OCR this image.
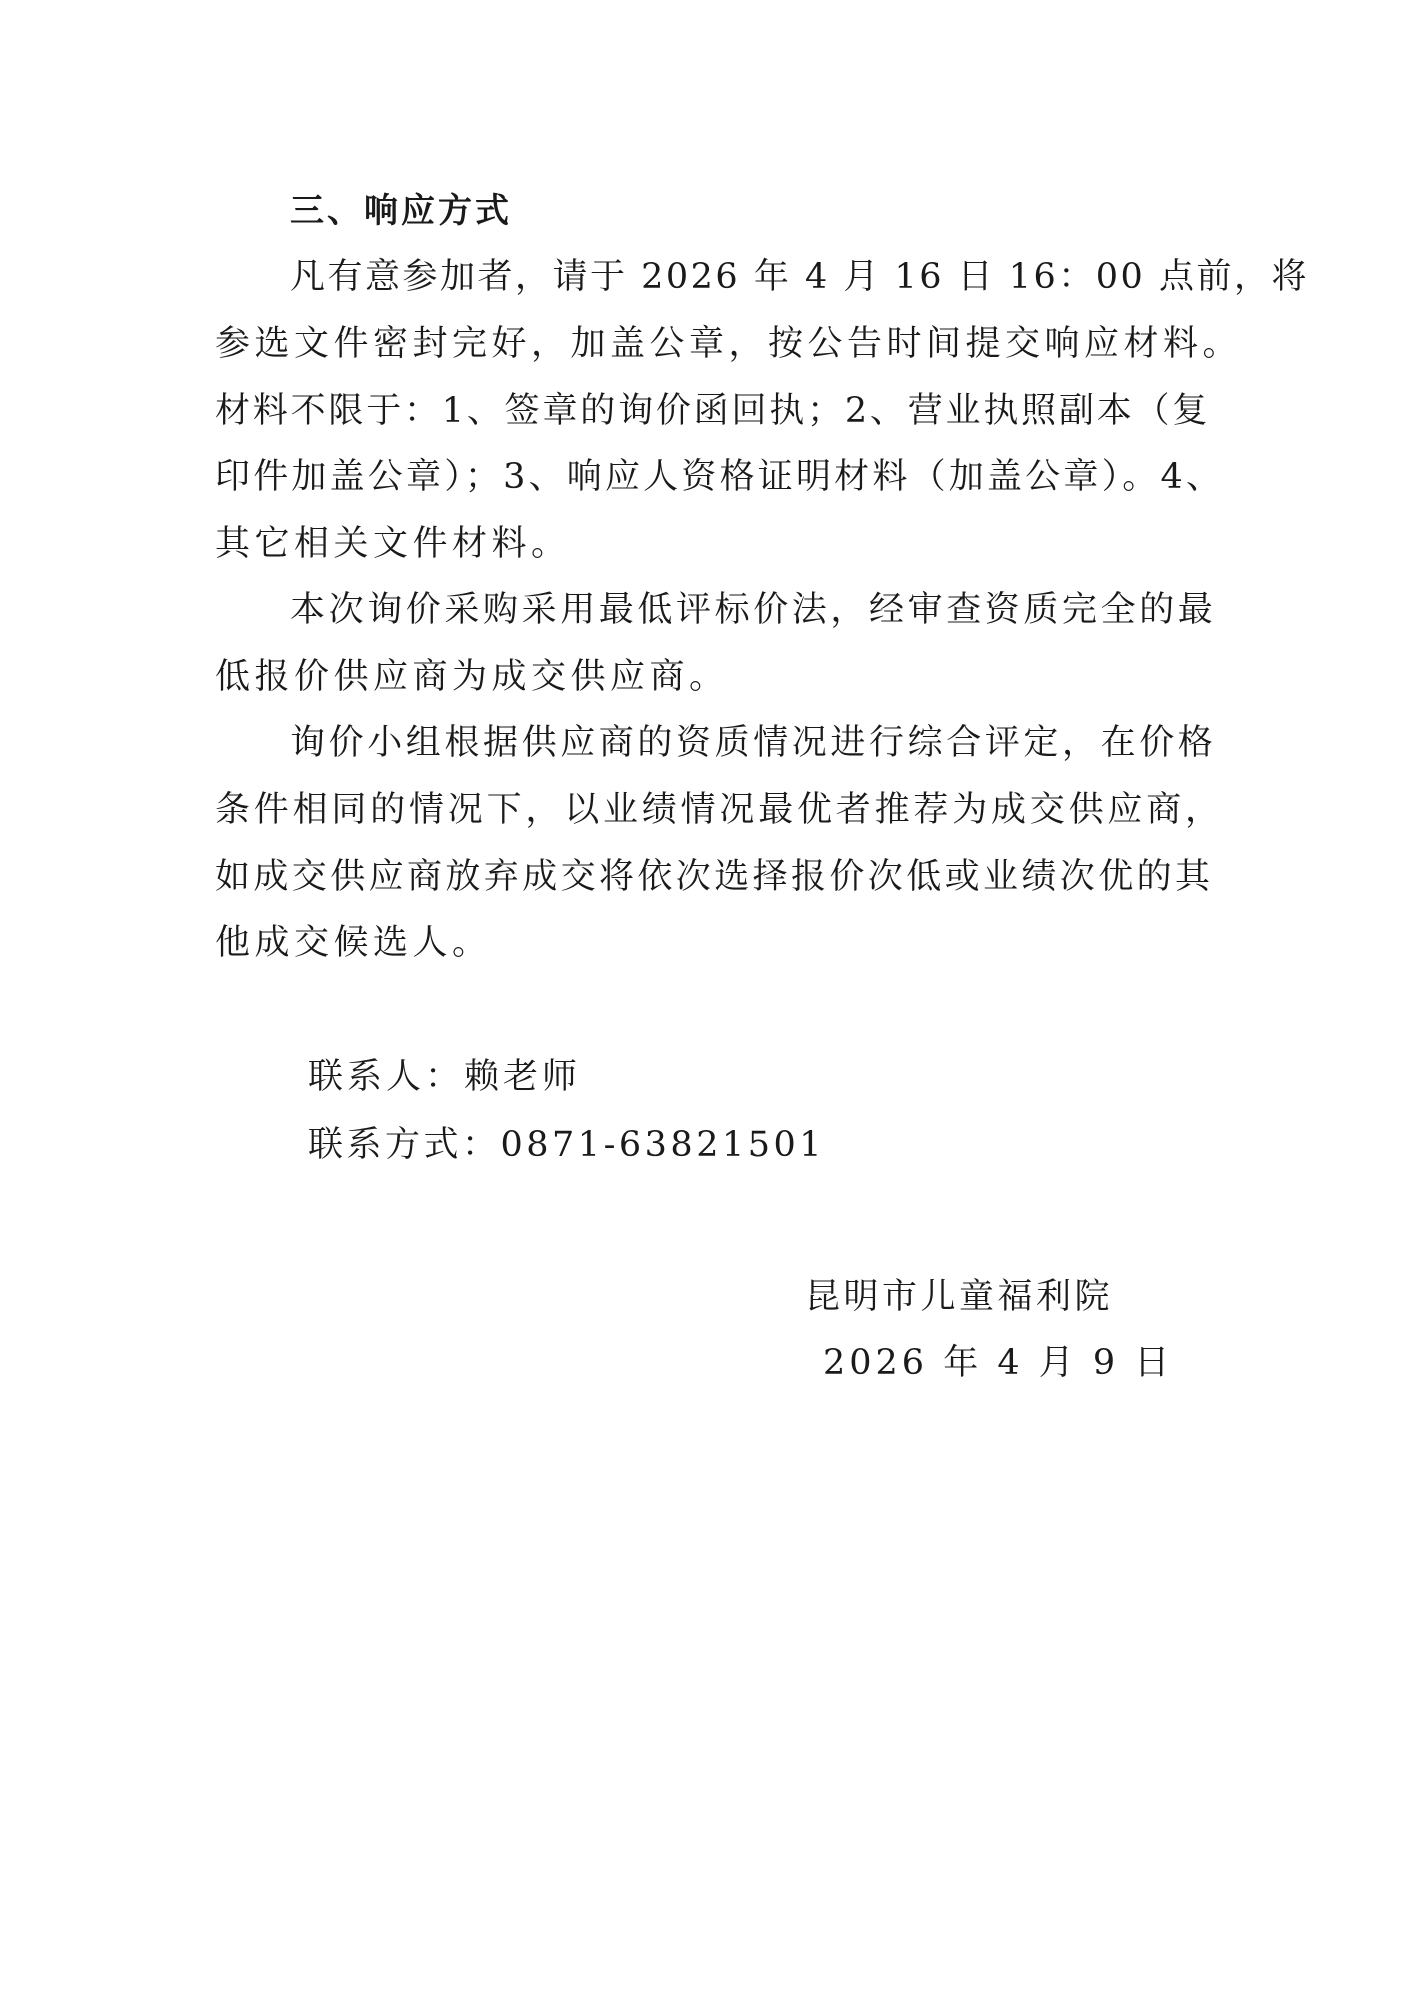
三、响应方式

凡有意参加者，请于 2026 年 4 月 16 日 16：00 点前，将

参选文件密封完好，加盖公章，按公告时间提交响应材料。

材料不限于：1、签章的询价函回执；2、营业执照副本（复

印件加盖公章）；3、响应人资格证明材料（加盖公章）。4、

其它相关文件材料。

本次询价采购采用最低评标价法，经审查资质完全的最

低报价供应商为成交供应商。

询价小组根据供应商的资质情况进行综合评定，在价格

条件相同的情况下，以业绩情况最优者推荐为成交供应商，

如成交供应商放弃成交将依次选择报价次低或业绩次优的其

他成交候选人。

联系人：赖老师

联系方式：0871-63821501

昆明市儿童福利院

2026 年 4 月 9 日
